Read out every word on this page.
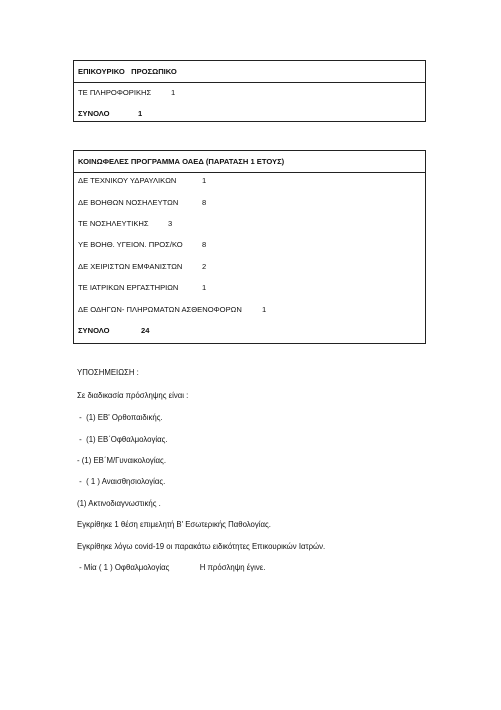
ΕΠΙΚΟΥΡΙΚΟ   ΠΡΟΣΩΠΙΚΟ
ΤΕ ΠΛΗΡΟΦΟΡΙΚΗΣ	1
ΣΥΝΟΛΟ	1
ΚΟΙΝΩΦΕΛΕΣ ΠΡΟΓΡΑΜΜΑ ΟΑΕΔ (ΠΑΡΑΤΑΣΗ 1 ΕΤΟΥΣ)
ΔΕ ΤΕΧΝΙΚΟΥ ΥΔΡΑΥΛΙΚΩΝ	1
ΔΕ ΒΟΗΘΩΝ ΝΟΣΗΛΕΥΤΩΝ	8
ΤΕ ΝΟΣΗΛΕΥΤΙΚΗΣ	3
ΥΕ ΒΟΗΘ. ΥΓΕΙΟΝ. ΠΡΟΣ/ΚΟ	8
ΔΕ ΧΕΙΡΙΣΤΩΝ ΕΜΦΑΝΙΣΤΩΝ	2
ΤΕ ΙΑΤΡΙΚΩΝ ΕΡΓΑΣΤΗΡΙΩΝ	1
ΔΕ ΟΔΗΓΩΝ- ΠΛΗΡΩΜΑΤΩΝ ΑΣΘΕΝΟΦΟΡΩΝ	1
ΣΥΝΟΛΟ	24
ΥΠΟΣΗΜΕΙΩΣΗ :
Σε διαδικασία πρόσληψης είναι :
-  (1) ΕΒ' Ορθοπαιδικής.
-  (1) ΕΒ΄Οφθαλμολογίας.
- (1) ΕΒ΄Μ/Γυναικολογίας.
-  ( 1 ) Αναισθησιολογίας.
(1) Ακτινοδιαγνωστικής .
Εγκρίθηκε 1 θέση επιμελητή Β' Εσωτερικής Παθολογίας.
Εγκρίθηκε λόγω covid-19 οι παρακάτω ειδικότητες Επικουρικών Ιατρών.
- Μία ( 1 ) Οφθαλμολογίας              Η πρόσληψη έγινε.
